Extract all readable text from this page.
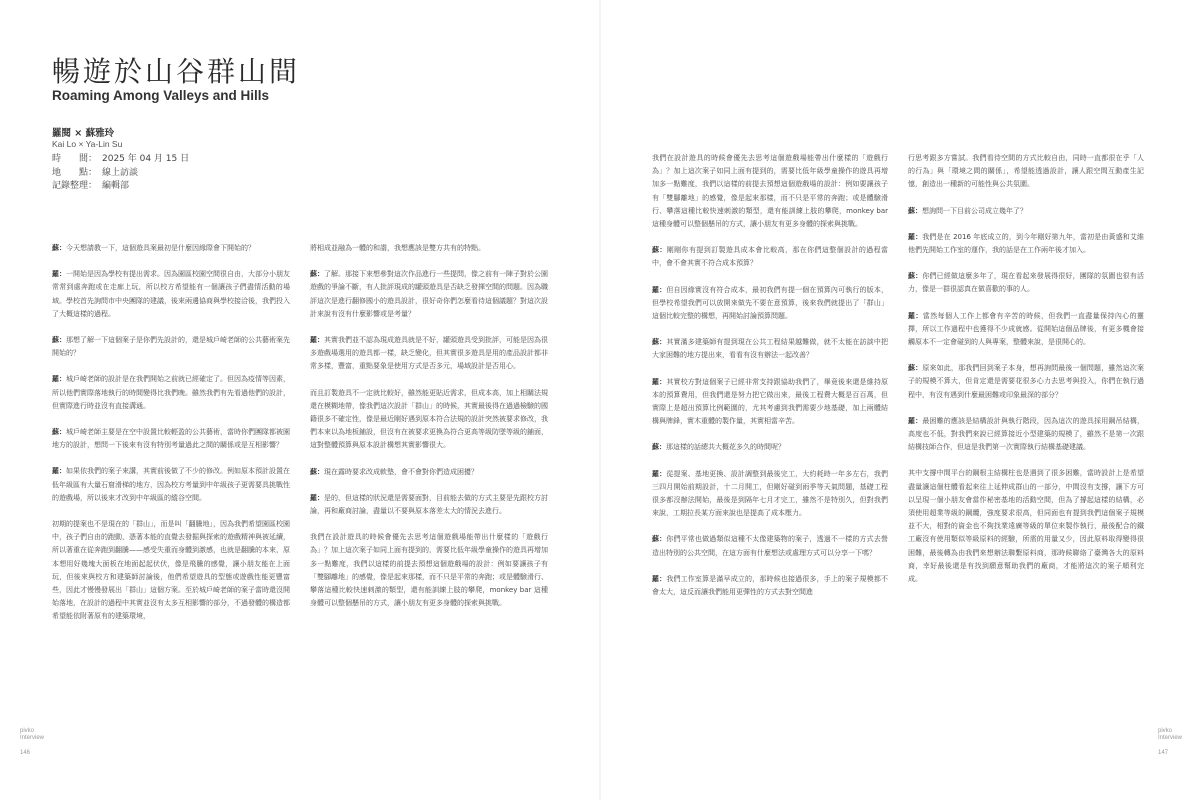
暢遊於山谷群山間
Roaming Among Valleys and Hills
羅閱 × 蘇雅玲
Kai Lo × Ya-Lin Su
時　　間： 2025 年 04 月 15 日
地　　點： 線上訪談
記錄整理： 編輯部

蘇：今天想請教一下，這個遊具案最初是什麼因緣際會下開始的？

羅：一開始是因為學校有提出需求。因為園區校園空間很自由，大部分小朋友常常到處奔跑或在走廊上玩，所以校方希望能有一個讓孩子們盡情活動的場域。學校首先詢問市中央團隊的建議，後來兩邊協商與學校接洽後，我們投入了大概這樣的過程。

蘇：那想了解一下這個案子是你們先設計的，還是城戶崎老師的公共藝術案先開始的？

羅：城戶崎老師的設計是在我們開始之前就已經確定了。但因為疫情等因素，所以他們實際落地執行的時間變得比我們晚。雖然我們有先看過他們的設計，但實際進行時並沒有直接溝通。

蘇：城戶崎老師主要是在空中設置比較輕盈的公共藝術，當時你們團隊都被園地方的設計，想問一下後來有沒有特別考量過此之間的關係或是互相影響？

羅：如果依我們的案子來講，其實前後做了不少的修改。例如原本預計設置在低年級區有大量石窟滑梯的地方，因為校方考量到中年級孩子更需要具挑戰性的遊戲場，所以後來才改到中年級區的縱谷空間。

初期的提案也不是現在的「群山」，而是叫「翻騰地」，因為我們希望園區校園中，孩子們自由的跑動，憑著本能的直覺去發掘與探索的遊戲精神與被延續，所以著重在從奔跑到翻騰——感受失重而身體到激感，也就是翻騰的本來，原本想用好幾塊大面板在地面起起伏伏，像是飛騰的感覺，讓小朋友能在上面玩，但後來與校方和建築師討論後，他們希望遊具的型態或遊戲性能更豐富些，因此才慢慢發展出「群山」這個方案。至於城戶崎老師的案子當時還沒開始落地，在設計的過程中其實並沒有太多互相影響的部分，不過發體的構造都希望能依附著原有的建築環境，

將相成並融為一體的和諧，我想應該是雙方共有的特點。

蘇：了解。那接下來想參對這次作品進行一些提問，像之前有一陣子對於公園遊戲的爭論不斷，有人批評現成的罐頭遊具是否缺乏發揮空間的問題。因為職評這次是進行翻修國小的遊具設計，很好奇你們怎麼看待這個議題？對這次設計來說有沒有什麼影響或是考量？

羅：其實我們並不認為現成遊具就是不好，罐頭遊具受到批評，可能是因為很多遊戲場選用的遊具都一樣，缺乏變化，但其實很多遊具是用的產品設計都非常多樣，豐富，重點要象是使用方式是否多元，場域設計是否用心。

而且訂製遊具不一定就比較好，雖然能更貼近需求，但成本高，加上相關法規還在模糊地帶，像我們這次設計「群山」的時候，其實最後得在過過檢驗的國籍很多不確定性，像是最近剛好遇到原本符合法規的設計突然被要求修改，我們本來以為地板鋪設，但沒有在被要求更換為符合更高等級防墜等級的鋪面，這對整體預算與原本設計構想其實影響很大。

蘇：現在露時要求改成軟墊，會不會對你們造成困擾？

羅：是的，但這樣的狀況還是需要面對，目前能去做的方式主要是先跟校方討論，再和廠商討論，盡量以不要與原本落差太大的情況去進行。

我們在設計遊具的時候會優先去思考這個遊戲場能帶出什麼樣的「遊戲行為」？加上這次案子如同上面有提到的，需要比低年級學童操作的遊具再增加多一點難度，我們以這樣的前提去預想這個遊戲場的設計：例如要讓孩子有「雙腳離地」的感覺，像是起來那樣，而不只是平常的奔跑；或是體驗滑行、攀落這種比較快速刺激的類型，還有能訓練上肢的攀爬，monkey bar 這種身體可以整個懸吊的方式，讓小朋友有更多身體的探索與挑戰。

pivko
Interview
146

我們在設計遊具的時候會優先去思考這個遊戲場能帶出什麼樣的「遊戲行為」？加上這次案子如同上面有提到的，需要比低年級學童操作的遊具再增加多一點難度，我們以這樣的前提去預想這個遊戲場的設計：例如要讓孩子有「雙腳離地」的感覺，像是起來那樣，而不只是平常的奔跑；或是體驗滑行、攀落這種比較快速刺激的類型，還有能訓練上肢的攀爬，monkey bar 這種身體可以整個懸吊的方式，讓小朋友有更多身體的探索與挑戰。

蘇：剛剛你有提到訂製遊具成本會比較高，那在你們這整個設計的過程當中，會不會其實不符合成本預算？

羅：但自因緣實沒有符合成本，最初我們有提一個在預算內可執行的版本，但學校希望我們可以放開來做先不要在意預算，後來我們就提出了「群山」這個比較完整的構想，再開始討論預算問題。

蘇：其實滿多建築師有提到現在公共工程結果越難做，就不太能在訪談中把大家困難的地方提出來，看看有沒有辦法一起改善？

羅：其實校方對這個案子已經非常支持跟協助我們了，畢竟後來還是維持原本的預算費用，但我們還是努力把它做出來，最後工程費大概是百百萬，但實際上是超出預算比例範圍的，尤其考慮到我們需要少地基礎，加上兩體結構與牌鋒，實木重體的製作量，其實相當辛苦。

蘇：那這樣的話總共大概花多久的時間呢？

羅：從提案、基地更換、設計調整到最後完工，大約耗時一年多左右，我們三四月開始前期設計，十二月開工，但剛好碰到雨季等天氣問題，基礎工程很多都沒辦法開始，最後是到隔年七月才完工，雖然不是特別久，但對我們來說，工期拉長某方面來說也是提高了成本壓力。

蘇：你們平常也做過類似這種不太像建築物的案子，透過不一樣的方式去營造出特別的公共空間，在這方面有什麼想法或處理方式可以分享一下嗎？

羅：我們工作室算是滿早成立的，那時候也接過很多，手上的案子規模都不會太大，這反而讓我們能用更彈性的方式去對空間進

行思考跟多方嘗試。我們看待空間的方式比較自由，同時一直都很在乎「人的行為」與「環境之間的關係」，希望能透過設計，讓人跟空間互動產生記憶，創造出一種新的可能性與公共氛圍。

蘇：想詢問一下目前公司成立幾年了？

羅：我們是在 2016 年底成立的，到今年剛好第九年，當初是由黃盛和艾維他們先開始工作室的運作，我的話是在工作兩年後才加入。

蘇：你們已經做這麼多年了，現在看起來發展得很好，團隊的氛圍也很有活力，像是一群很認真在做喜歡的事的人。

羅：當然每個人工作上都會有辛苦的時候，但我們一直盡量保持內心的靈擇，所以工作過程中也獲得不少成就感。從開始這個品牌後，有更多機會接觸原本不一定會碰到的人與專案，整體來說，是很開心的。

蘇：原來如此，那我們回到案子本身，想再詢問最後一個問題，雖然這次案子的規模不算大，但肯定還是需要花很多心力去思考與投入，你們在執行過程中，有沒有遇到什麼最困難或印象最深的部分？

羅：最困難的應該是結構設計與執行階段，因為這次的遊具採用鋼吊結構，高度也不低，對我們來說已經算接近小型建築的規模了，雖然不是第一次跟結構技師合作，但這是我們第一次實際執行結構基礎建議。

其中支撐中間平台的鋼根主結構柱也是遇到了很多困難，當時設計上是希望盡量讓這個柱體看起來往上延伸成群山的一部分，中間沒有支撐，讓下方可以呈現一個小朋友會當作秘密基地的活動空間，但為了撐起這樣的結構，必須使用超業等級的鋼纜，強度要求很高，但同面也有提到我們這個案子規模並不大，相對的資金也不夠找業遠廣等級的單位來製作執行，最後配合的鐵工廠沒有使用類似等級原料的經驗，所需的用量又少，因此原料取得變得很困難，最後轉為由我們來想辦法聯繫原料商，那時候聯絡了臺灣各大的原料商，幸好最後還是有找到願意幫助我們的廠商，才能將這次的案子順利完成。

pivko
Interview
147
